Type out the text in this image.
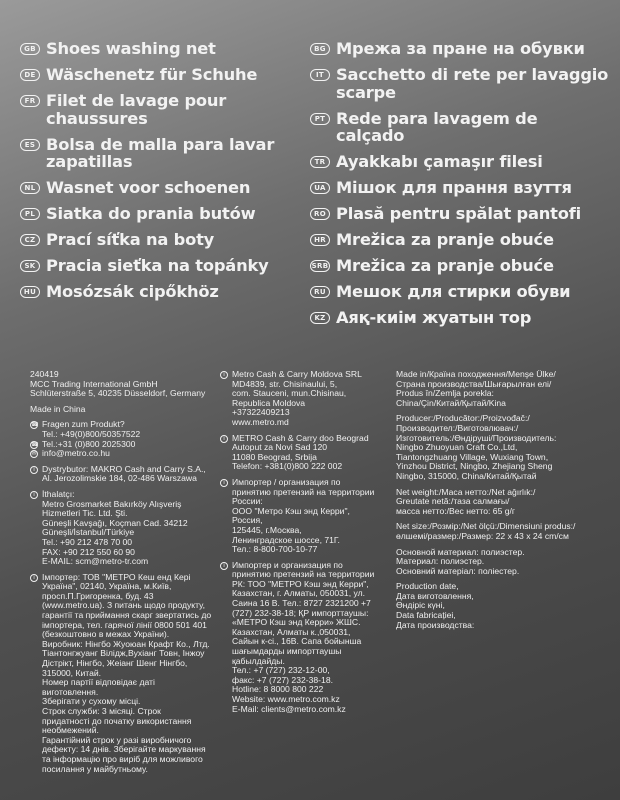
GB Shoes washing net
DE Wäschenetz für Schuhe
FR Filet de lavage pour chaussures
ES Bolsa de malla para lavar zapatillas
NL Wasnet voor schoenen
PL Siatka do prania butów
CZ Prací síťka na boty
SK Pracia sieťka na topánky
HU Mosózsák cipőkhöz
BG Мрежа за пране на обувки
IT Sacchetto di rete per lavaggio scarpe
PT Rede para lavagem de calçado
TR Ayakkabı çamaşır filesi
UA Мішок для прання взуття
RO Plasă pentru spălat pantofi
HR Mrežica za pranje obuće
SRB Mrežica za pranje obuće
RU Мешок для стирки обуви
KZ Аяқ-киім жуатын тор
240419
MCC Trading International GmbH
Schlüterstraße 5, 40235 Düsseldorf, Germany
Made in China
☎ Fragen zum Produkt?
Tel.: +49(0)800/50357522
☎ Tel.:+31 (0)800 2025300
✉ info@metro.co.hu
i Dystrybutor: MAKRO Cash and Carry S.A.,
Al. Jerozolimskie 184, 02-486 Warszawa
i İthalatçı:
Metro Grosmarket Bakırköy Alışveriş
Hizmetleri Tic. Ltd. Şti.
Güneşli Kavşağı, Koçman Cad. 34212
Güneşli/İstanbul/Türkiye
Tel.: +90 212 478 70 00
FAX: +90 212 550 60 90
E-MAIL: scm@metro-tr.com
i Імпортер: ТОВ "МЕТРО Кеш енд Кері
Україна", 02140, Україна, м.Київ,
просп.П.Григоренка, буд. 43
(www.metro.ua). З питань щодо продукту,
гарантії та приймання скарг звертатись до
імпортера, тел. гарячої лінії 0800 501 401
(безкоштовно в межах України).
Виробник: Нінгбо Жуоюан Крафт Ко., Лтд.
Тіантонгжуанг Вілідж,Вухіанг Товн, Інжоу
Дістрікт, Нінгбо, Жеіанг Шенг Нінгбо,
315000, Китай.
Номер партії відповідає даті
виготовлення.
Зберігати у сухому місці.
Строк служби: 3 місяці. Строк
придатності до початку використання
необмежений.
Гарантійний строк у разі виробничого
дефекту: 14 днів. Зберігайте маркування
та інформацію про виріб для можливого
посилання у майбутньому.
i Metro Cash & Carry Moldova SRL
MD4839, str. Chisinaului, 5,
com. Stauceni, mun.Chisinau,
Republica Moldova
+37322409213
www.metro.md
i METRO Cash & Carry doo Beograd
Autoput za Novi Sad 120
11080 Beograd, Srbija
Telefon: +381(0)800 222 002
i Импортер / организация по
принятию претензий на территории
России:
ООО "Метро Кэш энд Керри",
Россия,
125445, г.Москва,
Ленинградское шоссе, 71Г.
Тел.: 8-800-700-10-77
i Импортер и организация по
принятию претензий на территории
РК: ТОО "МЕТРО Кэш энд Керри",
Казахстан, г. Алматы, 050031, ул.
Саина 16 В. Тел.: 8727 2321200 +7
(727) 232-38-18; ҚР импорттаушы:
«МЕТРО Кэш энд Керри» ЖШС.
Казахстан, Алматы к.,050031,
Сайын к-сі., 16В. Сапа бойынша
шағымдарды импорттаушы
қабылдайды.
Тел.: +7 (727) 232-12-00,
факс: +7 (727) 232-38-18.
Hotline: 8 8000 800 222
Website: www.metro.com.kz
E-Mail: clients@metro.com.kz
Made in/Країна походження/Menşe Ülke/
Страна производства/Шығарылған елі/
Produs în/Zemlja porekla:
China/Çin/Китай/Қытай/Kina
Producer:/Producător:/Proizvođač:/
Производител:/Виготовлювач:/
Изготовитель:/Өндіруші/Производитель:
Ningbo Zhuoyuan Craft Co.,Ltd,
Tiantongzhuang Village, Wuxiang Town,
Yinzhou District, Ningbo, Zhejiang Sheng
Ningbo, 315000, China/Китай/Қытай
Net weight:/Маса нетто:/Net ağırlık:/
Greutate netă:/таза салмағы/
масса нетто:/Вес нетто: 65 g/г
Net size:/Розмір:/Net ölçü:/Dimensiuni produs:/
өлшемі/размер:/Размер: 22 x 43 x 24 cm/см
Основной материал: полиэстер.
Материал: полиэстер.
Основний матеріал: поліестер.
Production date,
Дата виготовлення,
Өндіріс күні,
Data fabricației,
Дата производства:
